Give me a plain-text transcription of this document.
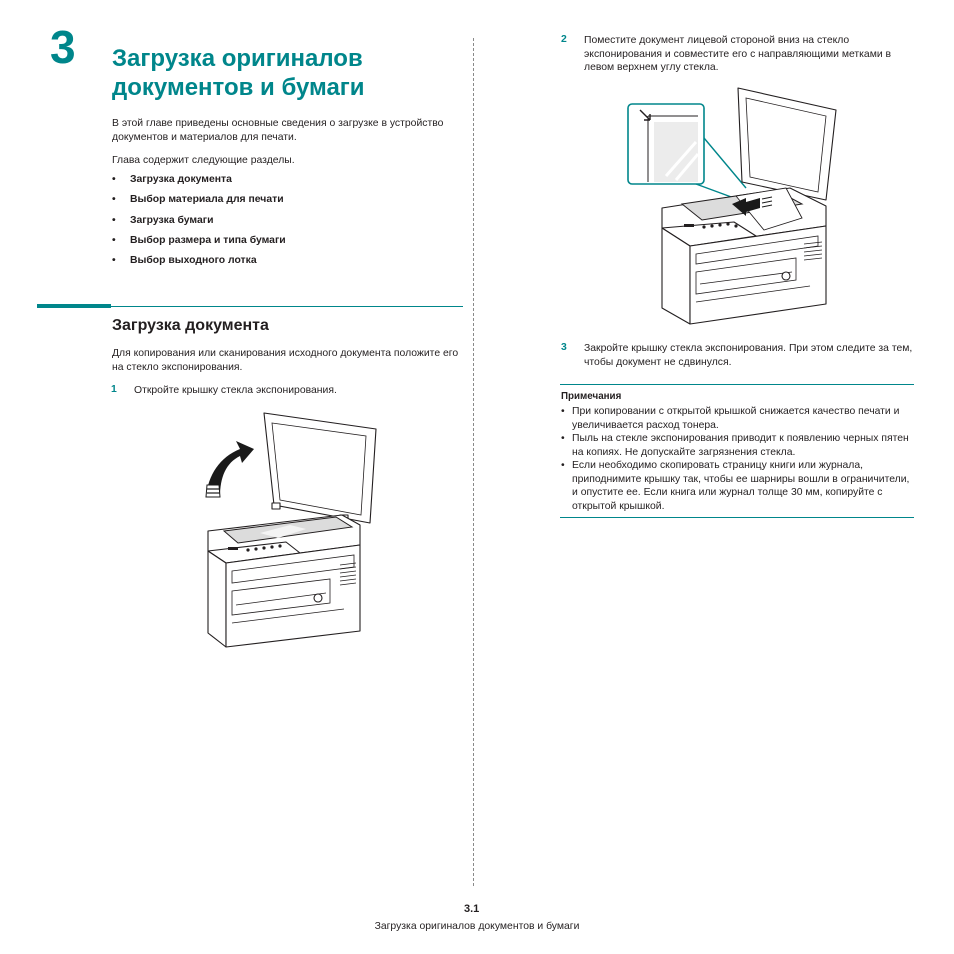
3 Загрузка оригиналов
документов и бумаги

В этой главе приведены основные сведения о загрузке в устройство документов и материалов для печати.

Глава содержит следующие разделы.

• Загрузка документа
• Выбор материала для печати
• Загрузка бумаги
• Выбор размера и типа бумаги
• Выбор выходного лотка
Загрузка документа

Для копирования или сканирования исходного документа положите его на стекло экспонирования.

1 Откройте крышку стекла экспонирования.

2 Поместите документ лицевой стороной вниз на стекло экспонирования и совместите его с направляющими метками в левом верхнем углу стекла.

3 Закройте крышку стекла экспонирования. При этом следите за тем, чтобы документ не сдвинулся.

Примечания
• При копировании с открытой крышкой снижается качество печати и увеличивается расход тонера.
• Пыль на стекле экспонирования приводит к появлению черных пятен на копиях. Не допускайте загрязнения стекла.
• Если необходимо скопировать страницу книги или журнала, приподнимите крышку так, чтобы ее шарниры вошли в ограничители, и опустите ее. Если книга или журнал толще 30 мм, копируйте с открытой крышкой.
3.1
Загрузка оригиналов документов и бумаги
